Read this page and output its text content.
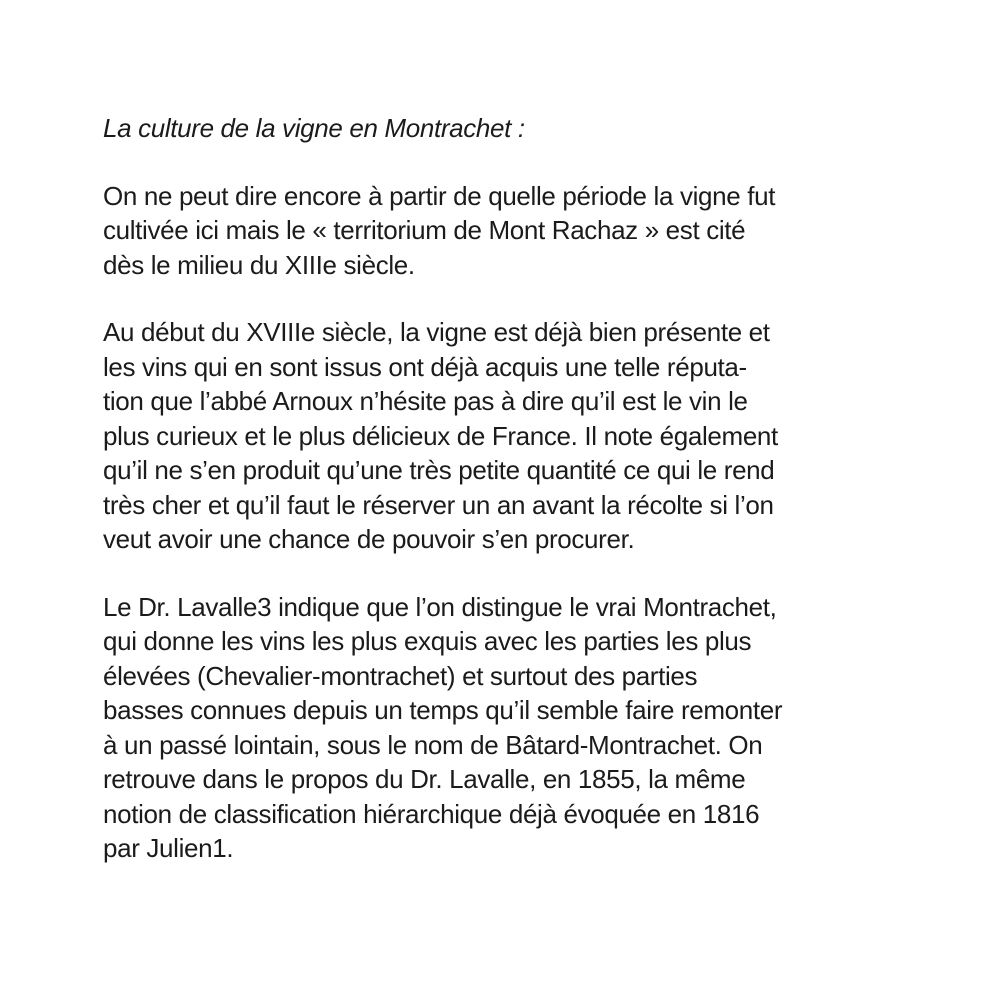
La culture de la vigne en Montrachet :

On ne peut dire encore à partir de quelle période la vigne fut
cultivée ici mais le « territorium de Mont Rachaz » est cité
dès le milieu du XIIIe siècle.

Au début du XVIIIe siècle, la vigne est déjà bien présente et
les vins qui en sont issus ont déjà acquis une telle réputa-
tion que l’abbé Arnoux n’hésite pas à dire qu’il est le vin le
plus curieux et le plus délicieux de France. Il note également
qu’il ne s’en produit qu’une très petite quantité ce qui le rend
très cher et qu’il faut le réserver un an avant la récolte si l’on
veut avoir une chance de pouvoir s’en procurer.

Le Dr. Lavalle3 indique que l’on distingue le vrai Montrachet,
qui donne les vins les plus exquis avec les parties les plus
élevées (Chevalier-montrachet) et surtout des parties
basses connues depuis un temps qu’il semble faire remonter
à un passé lointain, sous le nom de Bâtard-Montrachet. On
retrouve dans le propos du Dr. Lavalle, en 1855, la même
notion de classification hiérarchique déjà évoquée en 1816
par Julien1.
